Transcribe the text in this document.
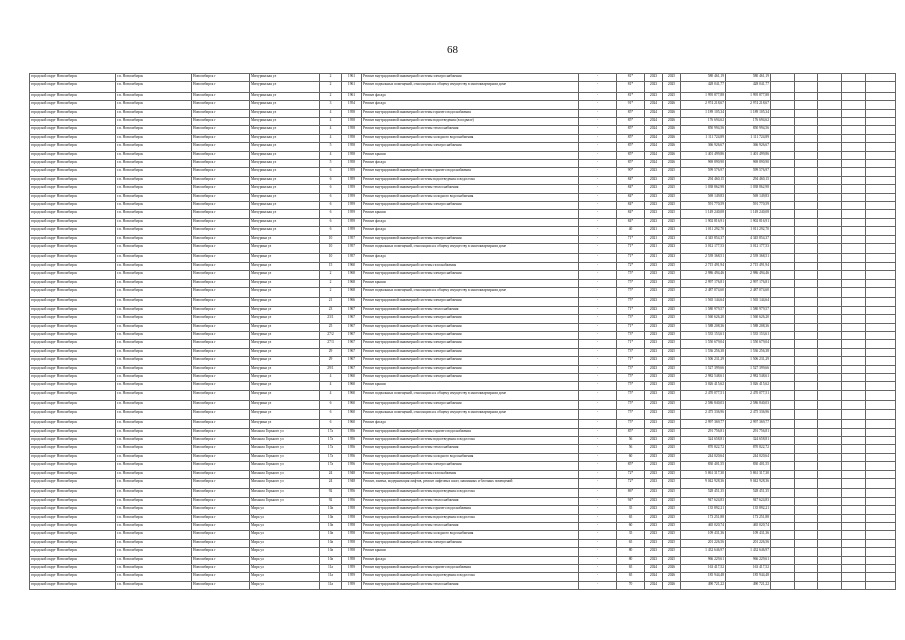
68
городской округ Новосибирск	г.п. Новосибирск	Новосибирск г	Мичуринская ул	2	1961	Ремонт внутридомовой инженерной системы электроснабжения	-	81*	2023	2025	580 461,19	580 461,19					
городской округ Новосибирск	г.п. Новосибирск	Новосибирск г	Мичуринская ул	2	1961	Ремонт подвальных помещений, относящихся к общему имуществу в многоквартирном доме	-	81*	2023	2025	428 041,77	428 041,77					
городской округ Новосибирск	г.п. Новосибирск	Новосибирск г	Мичуринская ул	2	1961	Ремонт фасада	-	81*	2023	2025	1 995 877,88	1 995 877,88					
городской округ Новосибирск	г.п. Новосибирск	Новосибирск г	Мичуринская ул	3	1954	Ремонт фасада	-	91*	2024	2026	2 974 218,67	2 974 218,67					
городской округ Новосибирск	г.п. Новосибирск	Новосибирск г	Мичуринская ул	4	1958	Ремонт внутридомовой инженерной системы горячего водоснабжения	-	85*	2024	2026	1 189 105,34	1 189 105,34					
городской округ Новосибирск	г.п. Новосибирск	Новосибирск г	Мичуринская ул	4	1958	Ремонт внутридомовой инженерной системы водоотведения (в подвале)	-	85*	2024	2026	176 694,62	176 694,62					
городской округ Новосибирск	г.п. Новосибирск	Новосибирск г	Мичуринская ул	4	1958	Ремонт внутридомовой инженерной системы теплоснабжения	-	85*	2024	2026	850 994,56	850 994,56					
городской округ Новосибирск	г.п. Новосибирск	Новосибирск г	Мичуринская ул	4	1958	Ремонт внутридомовой инженерной системы холодного водоснабжения	-	85*	2024	2026	1 111 724,89	1 111 724,89					
городской округ Новосибирск	г.п. Новосибирск	Новосибирск г	Мичуринская ул	5	1958	Ремонт внутридомовой инженерной системы электроснабжения	-	85*	2024	2026	366 926,67	366 926,67					
городской округ Новосибирск	г.п. Новосибирск	Новосибирск г	Мичуринская ул	4	1958	Ремонт крыши	-	85*	2024	2026	1 401 499,86	1 401 499,86					
городской округ Новосибирск	г.п. Новосибирск	Новосибирск г	Мичуринская ул	5	1958	Ремонт фасада	-	85*	2024	2026	969 890,90	969 890,90					
городской округ Новосибирск	г.п. Новосибирск	Новосибирск г	Мичуринская ул	6	1959	Ремонт внутридомовой инженерной системы горячего водоснабжения	-	90*	2023	2025	599 576,97	599 576,97					
городской округ Новосибирск	г.п. Новосибирск	Новосибирск г	Мичуринская ул	6	1959	Ремонт внутридомовой инженерной системы водоотведения и водостока	-	84*	2023	2025	294 460,15	294 460,15					
городской округ Новосибирск	г.п. Новосибирск	Новосибирск г	Мичуринская ул	6	1959	Ремонт внутридомовой инженерной системы теплоснабжения	-	84*	2023	2025	1 038 862,98	1 038 862,98					
городской округ Новосибирск	г.п. Новосибирск	Новосибирск г	Мичуринская ул	6	1959	Ремонт внутридомовой инженерной системы холодного водоснабжения	-	84*	2023	2025	569 149,83	569 149,83					
городской округ Новосибирск	г.п. Новосибирск	Новосибирск г	Мичуринская ул	6	1959	Ремонт внутридомовой инженерной системы электроснабжения	-	84*	2023	2025	591 770,59	591 770,59					
городской округ Новосибирск	г.п. Новосибирск	Новосибирск г	Мичуринская ул	6	1959	Ремонт крыши	-	84*	2023	2025	1 149 240,08	1 149 240,08					
городской округ Новосибирск	г.п. Новосибирск	Новосибирск г	Мичуринская ул	6	1959	Ремонт фасада	-	84*	2023	2025	1 902 816,91	1 902 816,91					
городской округ Новосибирск	г.п. Новосибирск	Новосибирск г	Мичуринская ул	6	1959	Ремонт фасада	-	40	2021	2023	1 011 292,70	1 011 292,70					
городской округ Новосибирск	г.п. Новосибирск	Новосибирск г	Мичурина ул	10	1957	Ремонт внутридомовой инженерной системы электроснабжения	-	71*	2021	2023	4 345 854,37	4 345 854,37					
городской округ Новосибирск	г.п. Новосибирск	Новосибирск г	Мичурина ул	10	1957	Ремонт подвальных помещений, относящихся к общему имуществу в многоквартирном доме	-	71*	2021	2023	3 012 177,53	3 012 177,53					
городской округ Новосибирск	г.п. Новосибирск	Новосибирск г	Мичурина ул	10	1957	Ремонт фасада	-	71*	2021	2023	2 539 368,51	2 539 368,51					
городской округ Новосибирск	г.п. Новосибирск	Новосибирск г	Мичурина ул	15	1960	Ремонт внутридомовой инженерной системы газоснабжения	-	72*	2023	2025	2 715 491,94	2 715 491,94					
городской округ Новосибирск	г.п. Новосибирск	Новосибирск г	Мичурина ул	2	1968	Ремонт внутридомовой инженерной системы электроснабжения	-	75*	2023	2025	2 986 494,46	2 986 494,46					
городской округ Новосибирск	г.п. Новосибирск	Новосибирск г	Мичурина ул	2	1968	Ремонт крыши	-	75*	2023	2025	2 997 176,81	2 997 176,81					
городской округ Новосибирск	г.п. Новосибирск	Новосибирск г	Мичурина ул	2	1968	Ремонт подвальных помещений, относящихся к общему имуществу в многоквартирном доме	-	75*	2023	2025	2 487 074,60	2 487 074,60					
городской округ Новосибирск	г.п. Новосибирск	Новосибирск г	Мичурина ул	21	1966	Ремонт внутридомовой инженерной системы электроснабжения	-	75*	2023	2025	1 565 144,64	1 565 144,64					
городской округ Новосибирск	г.п. Новосибирск	Новосибирск г	Мичурина ул	23	1967	Ремонт внутридомовой инженерной системы теплоснабжения	-	71*	2023	2025	1 580 979,57	1 580 979,57					
городской округ Новосибирск	г.п. Новосибирск	Новосибирск г	Мичурина ул	23/1	1967	Ремонт внутридомовой инженерной системы электроснабжения	-	73*	2023	2025	1 560 626,20	1 560 626,20					
городской округ Новосибирск	г.п. Новосибирск	Новосибирск г	Мичурина ул	25	1967	Ремонт внутридомовой инженерной системы электроснабжения	-	71*	2023	2025	1 588 208,36	1 588 208,36					
городской округ Новосибирск	г.п. Новосибирск	Новосибирск г	Мичурина ул	27/2	1967	Ремонт внутридомовой инженерной системы электроснабжения	-	73*	2023	2025	1 535 153,61	1 535 153,61					
городской округ Новосибирск	г.п. Новосибирск	Новосибирск г	Мичурина ул	27/3	1967	Ремонт внутридомовой инженерной системы электроснабжения	-	71*	2023	2025	1 550 679,04	1 550 679,04					
городской округ Новосибирск	г.п. Новосибирск	Новосибирск г	Мичурина ул	29	1967	Ремонт внутридомовой инженерной системы электроснабжения	-	73*	2023	2025	1 536 256,38	1 536 256,38					
городской округ Новосибирск	г.п. Новосибирск	Новосибирск г	Мичурина ул	29	1967	Ремонт внутридомовой инженерной системы электроснабжения	-	71*	2023	2025	1 506 231,29	1 506 231,29					
городской округ Новосибирск	г.п. Новосибирск	Новосибирск г	Мичурина ул	29/1	1967	Ремонт внутридомовой инженерной системы электроснабжения	-	73*	2023	2025	1 527 399,66	1 527 399,66					
городской округ Новосибирск	г.п. Новосибирск	Новосибирск г	Мичурина ул	4	1960	Ремонт внутридомовой инженерной системы электроснабжения	-	75*	2023	2025	2 982 548,61	2 982 548,61					
городской округ Новосибирск	г.п. Новосибирск	Новосибирск г	Мичурина ул	4	1960	Ремонт крыши	-	75*	2023	2025	3 026 415,62	3 026 415,62					
городской округ Новосибирск	г.п. Новосибирск	Новосибирск г	Мичурина ул	4	1960	Ремонт подвальных помещений, относящихся к общему имуществу в многоквартирном доме	-	75*	2023	2025	2 470 077,51	2 470 077,51					
городской округ Новосибирск	г.п. Новосибирск	Новосибирск г	Мичурина ул	6	1960	Ремонт внутридомовой инженерной системы электроснабжения	-	75*	2023	2025	2 586 840,03	2 586 840,03					
городской округ Новосибирск	г.п. Новосибирск	Новосибирск г	Мичурина ул	6	1960	Ремонт подвальных помещений, относящихся к общему имуществу в многоквартирном доме	-	75*	2023	2025	2 475 336,96	2 475 336,96					
городской округ Новосибирск	г.п. Новосибирск	Новосибирск г	Мичурина ул	6	1960	Ремонт фасада	-	75*	2023	2025	2 997 369,77	2 997 369,77					
городской округ Новосибирск	г.п. Новосибирск	Новосибирск г	Михаила Горького ул	17а	1956	Ремонт внутридомовой инженерной системы горячего водоснабжения	-	85*	2023	2025	291 756,81	291 756,81					
городской округ Новосибирск	г.п. Новосибирск	Новосибирск г	Михаила Горького ул	17а	1956	Ремонт внутридомовой инженерной системы водоотведения и водостока	-	56	2023	2025	324 658,81	324 658,81					
городской округ Новосибирск	г.п. Новосибирск	Новосибирск г	Михаила Горького ул	17а	1956	Ремонт внутридомовой инженерной системы теплоснабжения	-	56	2023	2025	870 822,72	870 822,72					
городской округ Новосибирск	г.п. Новосибирск	Новосибирск г	Михаила Горького ул	17а	1956	Ремонт внутридомовой инженерной системы холодного водоснабжения	-	60	2023	2025	244 020,64	244 020,64					
городской округ Новосибирск	г.п. Новосибирск	Новосибирск г	Михаила Горького ул	17а	1956	Ремонт внутридомовой инженерной системы электроснабжения	-	85*	2023	2025	830 401,55	830 401,55					
городской округ Новосибирск	г.п. Новосибирск	Новосибирск г	Михаила Горького ул	24	1948	Ремонт внутридомовой инженерной системы газоснабжения	-	72*	2023	2025	5 861 317,30	5 861 317,30					
городской округ Новосибирск	г.п. Новосибирск	Новосибирск г	Михаила Горького ул	24	1948	Ремонт, замена, модернизация лифтов, ремонт лифтовых шахт, машинных и блочных помещений	-	72*	2023	2025	9 042 928,36	9 042 928,36					
городской округ Новосибирск	г.п. Новосибирск	Новосибирск г	Михаила Горького ул	92	1956	Ремонт внутридомовой инженерной системы водоотведения и водостока	-	86*	2023	2025	528 451,35	528 451,35					
городской округ Новосибирск	г.п. Новосибирск	Новосибирск г	Михаила Горького ул	92	1956	Ремонт внутридомовой инженерной системы теплоснабжения	-	94*	2023	2025	947 624,83	947 624,83					
городской округ Новосибирск	г.п. Новосибирск	Новосибирск г	Мира ул	10а	1958	Ремонт внутридомовой инженерной системы горячего водоснабжения	-	35	2023	2025	135 892,21	135 892,21					
городской округ Новосибирск	г.п. Новосибирск	Новосибирск г	Мира ул	10а	1958	Ремонт внутридомовой инженерной системы водоотведения и водостока	-	65	2023	2025	173 251,88	173 251,88					
городской округ Новосибирск	г.п. Новосибирск	Новосибирск г	Мира ул	10а	1958	Ремонт внутридомовой инженерной системы теплоснабжения	-	60	2023	2025	465 020,74	465 020,74					
городской округ Новосибирск	г.п. Новосибирск	Новосибирск г	Мира ул	10а	1958	Ремонт внутридомовой инженерной системы холодного водоснабжения	-	35	2023	2025	109 431,36	109 431,36					
городской округ Новосибирск	г.п. Новосибирск	Новосибирск г	Мира ул	10а	1958	Ремонт внутридомовой инженерной системы электроснабжения	-	65	2023	2025	201 226,56	201 226,56					
городской округ Новосибирск	г.п. Новосибирск	Новосибирск г	Мира ул	10а	1958	Ремонт крыши	-	80	2023	2025	1 432 646,97	1 432 646,97					
городской округ Новосибирск	г.п. Новосибирск	Новосибирск г	Мира ул	10а	1958	Ремонт фасада	-	80	2023	2025	966 229,61	966 229,61					
городской округ Новосибирск	г.п. Новосибирск	Новосибирск г	Мира ул	11а	1959	Ремонт внутридомовой инженерной системы горячего водоснабжения	-	65	2024	2026	163 417,52	163 417,52					
городской округ Новосибирск	г.п. Новосибирск	Новосибирск г	Мира ул	11а	1959	Ремонт внутридомовой инженерной системы водоотведения и водостока	-	65	2024	2026	185 944,48	185 944,48					
городской округ Новосибирск	г.п. Новосибирск	Новосибирск г	Мира ул	11а	1959	Ремонт внутридомовой инженерной системы теплоснабжения	-	70	2024	2026	490 721,22	490 721,22					
